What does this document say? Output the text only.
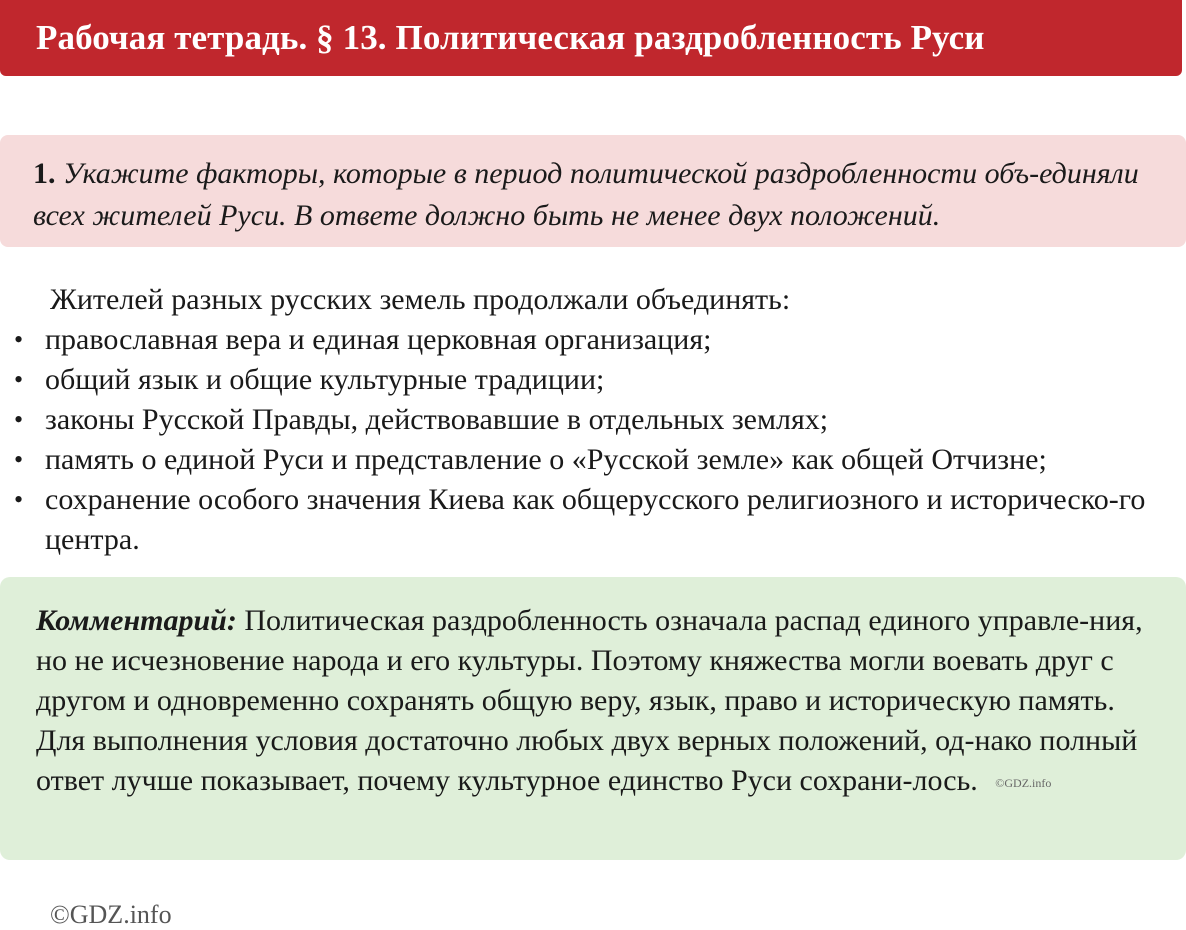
Рабочая тетрадь. § 13. Политическая раздробленность Руси
1. Укажите факторы, которые в период политической раздробленности объ-единяли всех жителей Руси. В ответе должно быть не менее двух положений.
Жителей разных русских земель продолжали объединять:
• православная вера и единая церковная организация;
• общий язык и общие культурные традиции;
• законы Русской Правды, действовавшие в отдельных землях;
• память о единой Руси и представление о «Русской земле» как общей Отчизне;
• сохранение особого значения Киева как общерусского религиозного и историческо-го центра.
Комментарий: Политическая раздробленность означала распад единого управле-ния, но не исчезновение народа и его культуры. Поэтому княжества могли воевать друг с другом и одновременно сохранять общую веру, язык, право и историческую память. Для выполнения условия достаточно любых двух верных положений, од-нако полный ответ лучше показывает, почему культурное единство Руси сохрани-лось. ©GDZ.info
©GDZ.info
